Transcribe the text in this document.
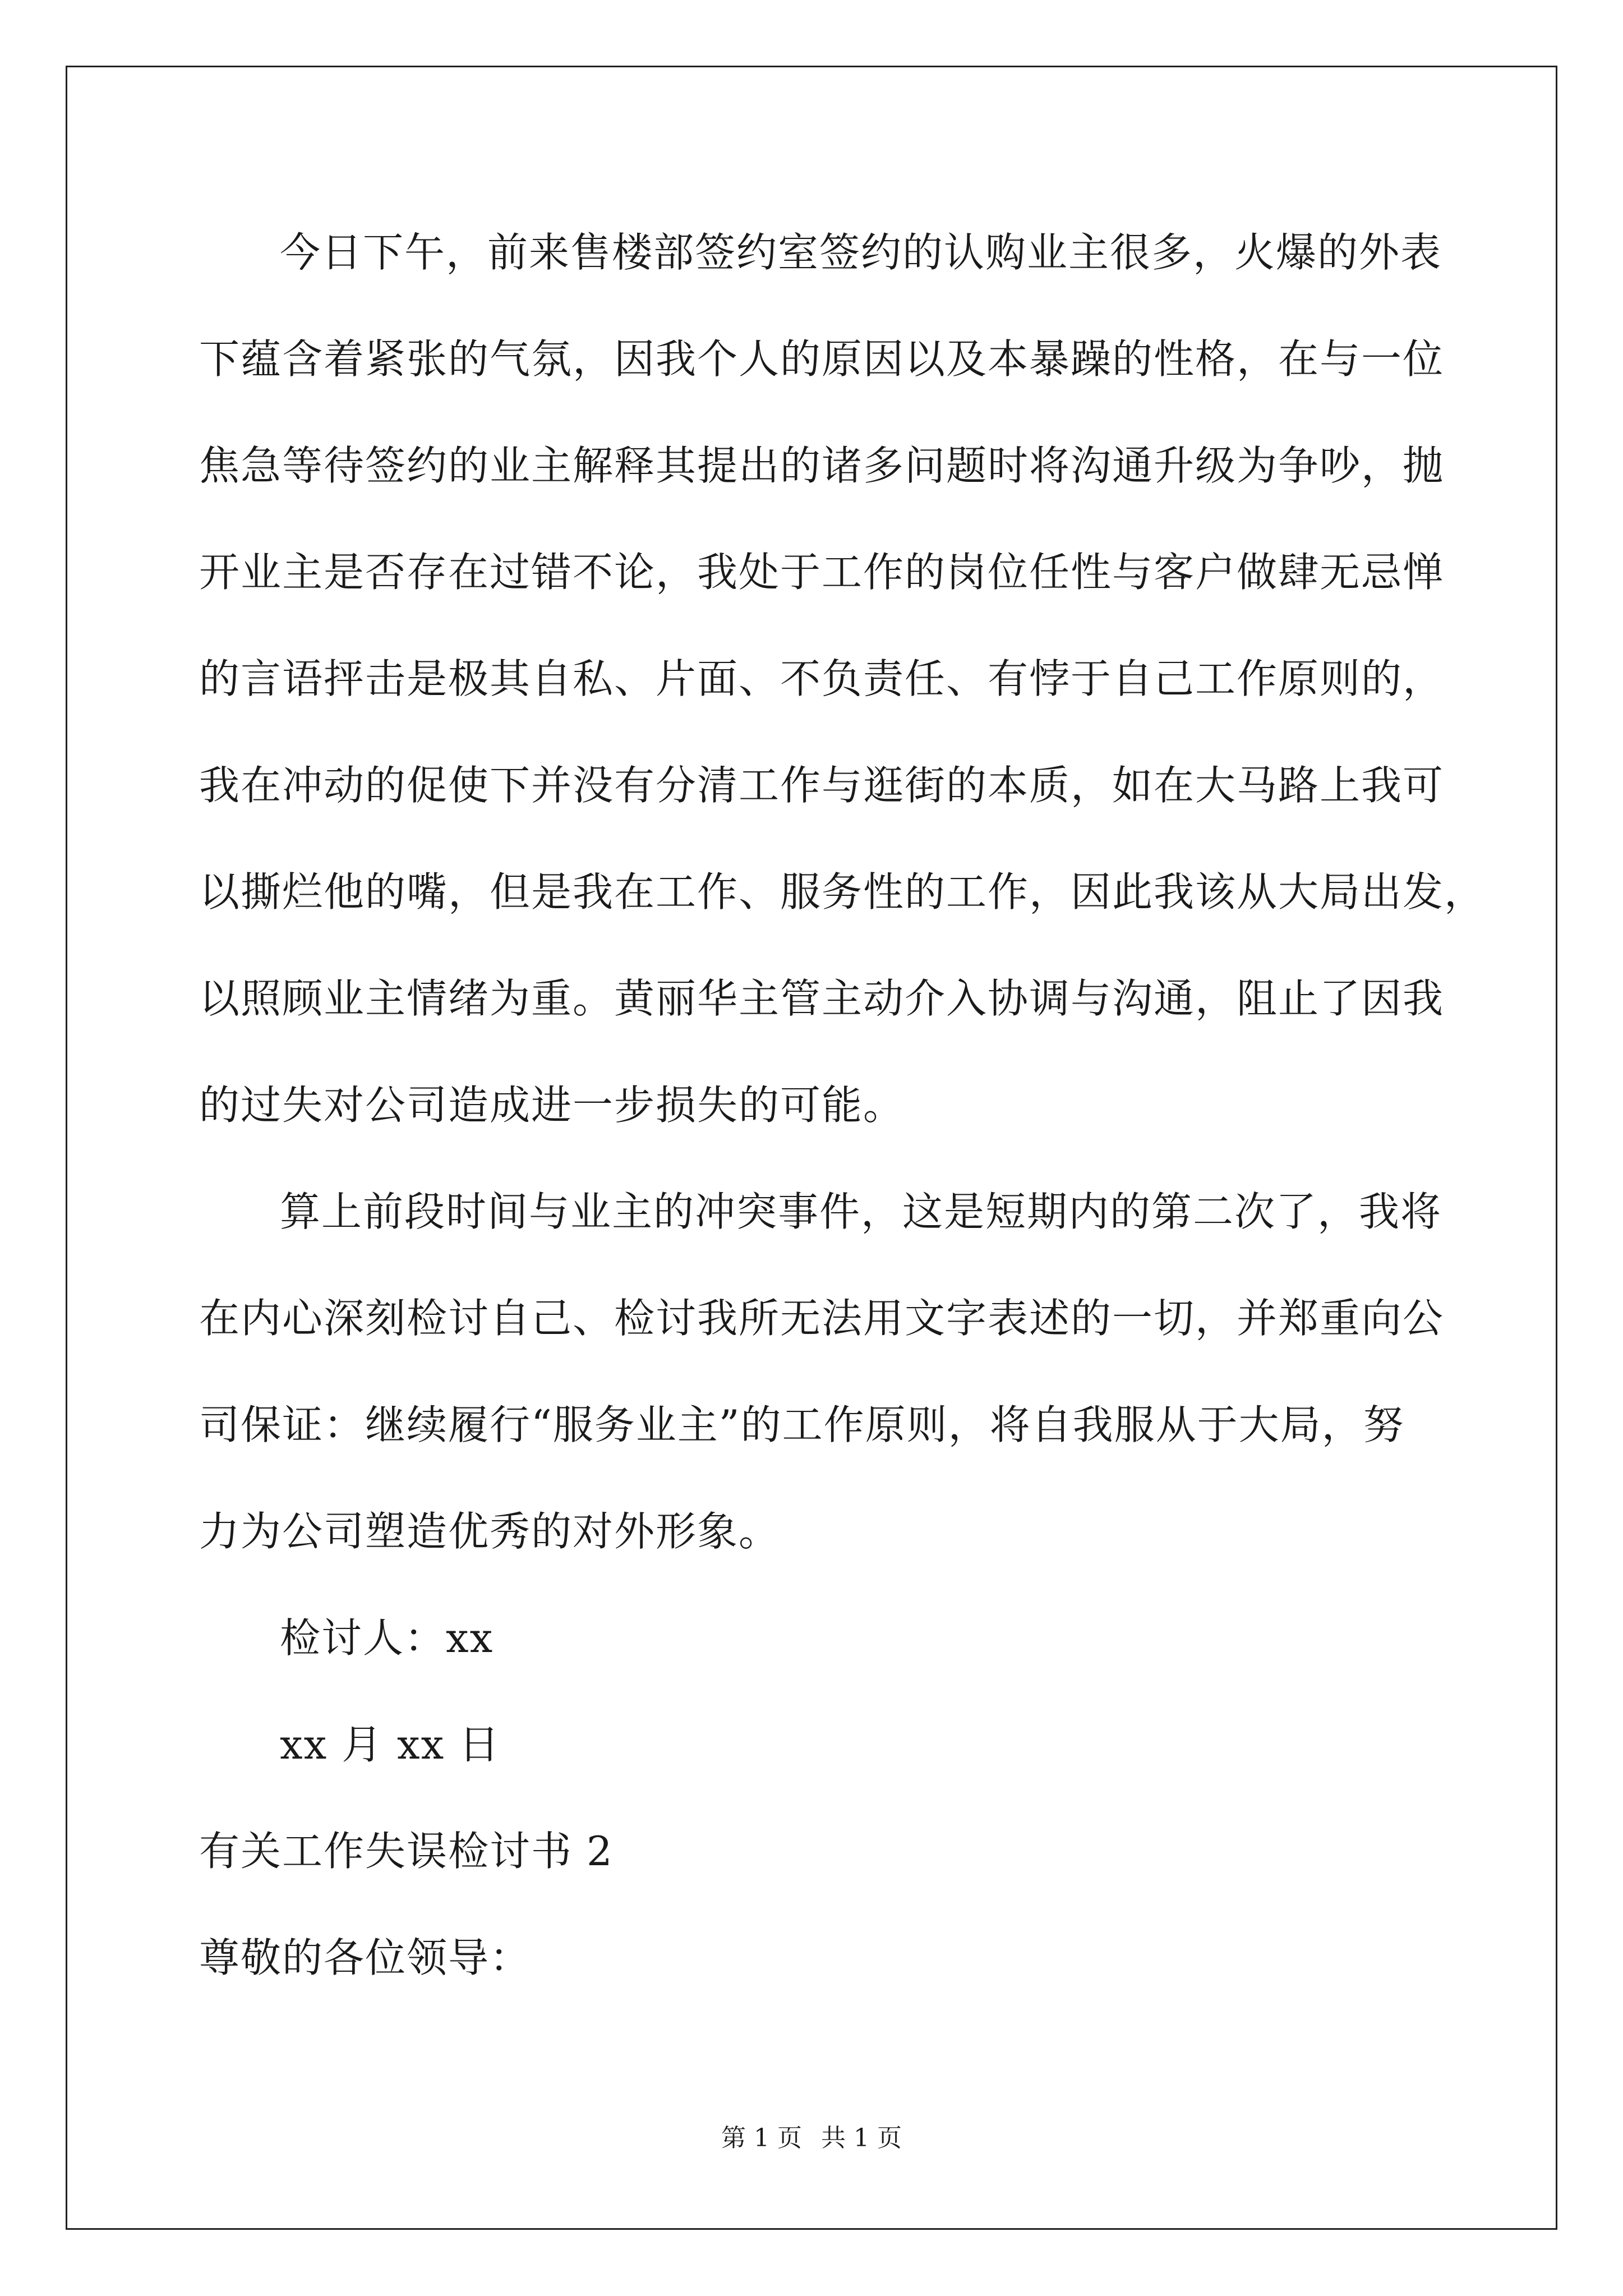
今日下午，前来售楼部签约室签约的认购业主很多，火爆的外表
下蕴含着紧张的气氛，因我个人的原因以及本暴躁的性格，在与一位
焦急等待签约的业主解释其提出的诸多问题时将沟通升级为争吵，抛
开业主是否存在过错不论，我处于工作的岗位任性与客户做肆无忌惮
的言语抨击是极其自私、片面、不负责任、有悖于自己工作原则的，
我在冲动的促使下并没有分清工作与逛街的本质，如在大马路上我可
以撕烂他的嘴，但是我在工作、服务性的工作，因此我该从大局出发，
以照顾业主情绪为重。黄丽华主管主动介入协调与沟通，阻止了因我
的过失对公司造成进一步损失的可能。
算上前段时间与业主的冲突事件，这是短期内的第二次了，我将
在内心深刻检讨自己、检讨我所无法用文字表述的一切，并郑重向公
司保证：继续履行“服务业主”的工作原则，将自我服从于大局，努
力为公司塑造优秀的对外形象。
检讨人：xx
xx 月 xx 日
有关工作失误检讨书 2
尊敬的各位领导：
第 1 页 共 1 页
